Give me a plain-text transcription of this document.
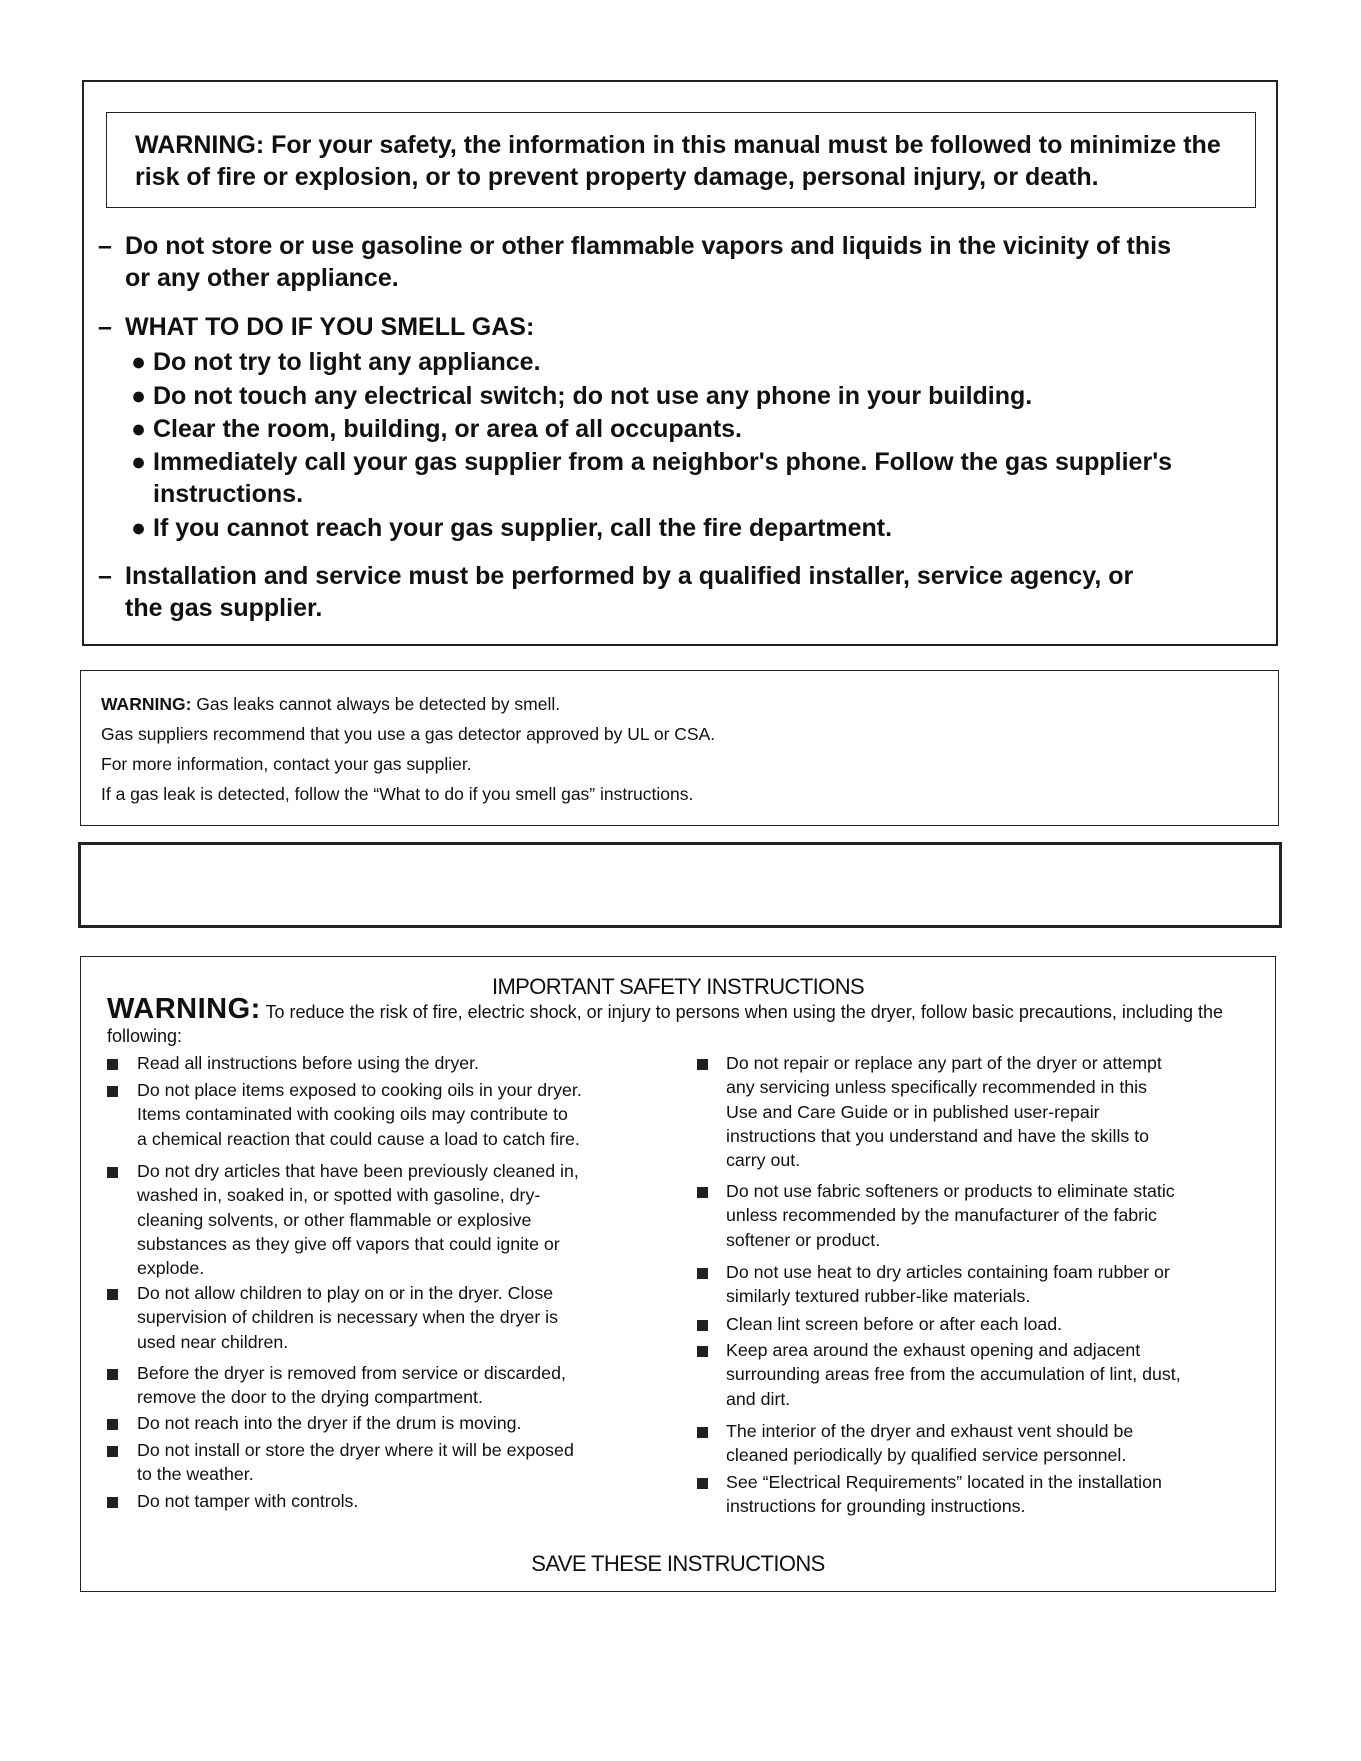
WARNING: For your safety, the information in this manual must be followed to minimize the risk of fire or explosion, or to prevent property damage, personal injury, or death.

– Do not store or use gasoline or other flammable vapors and liquids in the vicinity of this
or any other appliance.
– WHAT TO DO IF YOU SMELL GAS:
● Do not try to light any appliance.
● Do not touch any electrical switch; do not use any phone in your building.
● Clear the room, building, or area of all occupants.
● Immediately call your gas supplier from a neighbor's phone. Follow the gas supplier's
instructions.
● If you cannot reach your gas supplier, call the fire department.
– Installation and service must be performed by a qualified installer, service agency, or
the gas supplier.

WARNING: Gas leaks cannot always be detected by smell.

Gas suppliers recommend that you use a gas detector approved by UL or CSA.

For more information, contact your gas supplier.

If a gas leak is detected, follow the “What to do if you smell gas” instructions.

IMPORTANT SAFETY INSTRUCTIONS

WARNING: To reduce the risk of fire, electric shock, or injury to persons when using the dryer, follow basic precautions, including the following:

SAVE THESE INSTRUCTIONS

Read all instructions before using the dryer.
Do not place items exposed to cooking oils in your dryer.
Items contaminated with cooking oils may contribute to
a chemical reaction that could cause a load to catch fire.
Do not dry articles that have been previously cleaned in,
washed in, soaked in, or spotted with gasoline, dry-
cleaning solvents, or other flammable or explosive
substances as they give off vapors that could ignite or
explode.
Do not allow children to play on or in the dryer. Close
supervision of children is necessary when the dryer is
used near children.
Before the dryer is removed from service or discarded,
remove the door to the drying compartment.
Do not reach into the dryer if the drum is moving.
Do not install or store the dryer where it will be exposed
to the weather.
Do not tamper with controls.
Do not repair or replace any part of the dryer or attempt
any servicing unless specifically recommended in this
Use and Care Guide or in published user-repair
instructions that you understand and have the skills to
carry out.
Do not use fabric softeners or products to eliminate static
unless recommended by the manufacturer of the fabric
softener or product.
Do not use heat to dry articles containing foam rubber or
similarly textured rubber-like materials.
Clean lint screen before or after each load.
Keep area around the exhaust opening and adjacent
surrounding areas free from the accumulation of lint, dust,
and dirt.
The interior of the dryer and exhaust vent should be
cleaned periodically by qualified service personnel.
See “Electrical Requirements” located in the installation
instructions for grounding instructions.
